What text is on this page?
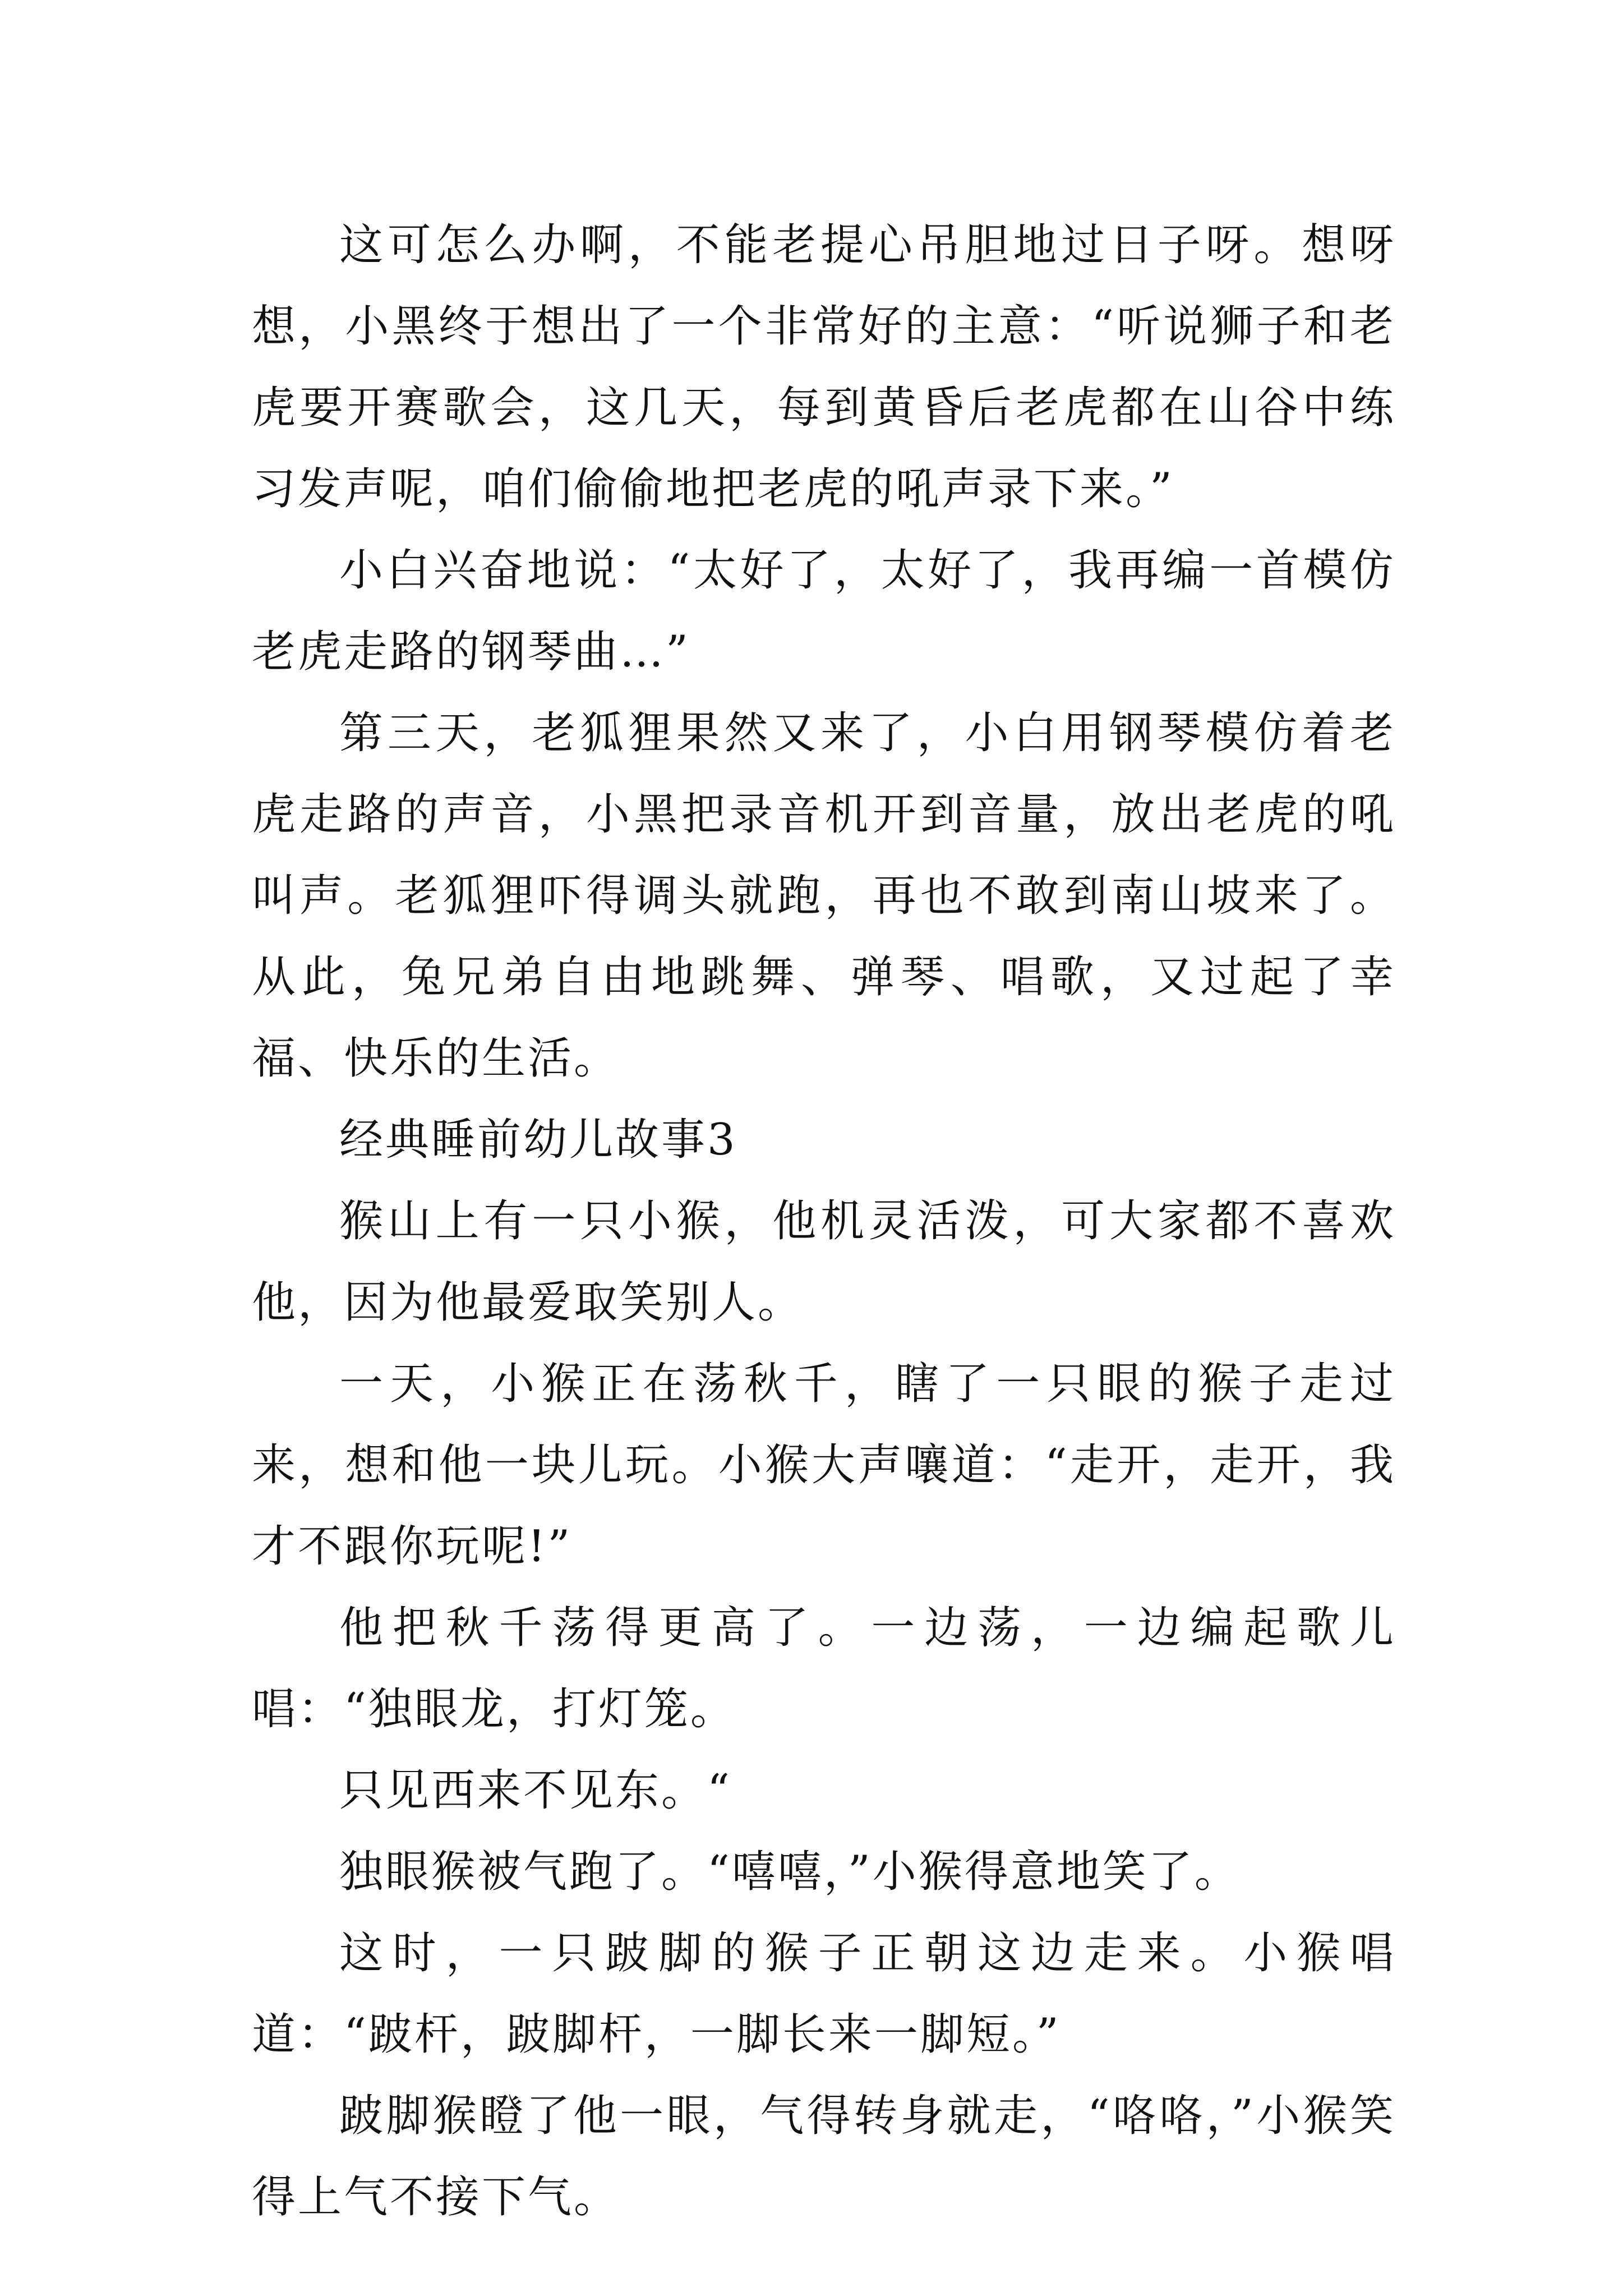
这可怎么办啊，不能老提心吊胆地过日子呀。想呀想，小黑终于想出了一个非常好的主意：“听说狮子和老虎要开赛歌会，这几天，每到黄昏后老虎都在山谷中练习发声呢，咱们偷偷地把老虎的吼声录下来。”

小白兴奋地说：“太好了，太好了，我再编一首模仿老虎走路的钢琴曲…”

第三天，老狐狸果然又来了，小白用钢琴模仿着老虎走路的声音，小黑把录音机开到音量，放出老虎的吼叫声。老狐狸吓得调头就跑，再也不敢到南山坡来了。从此，兔兄弟自由地跳舞、弹琴、唱歌，又过起了幸福、快乐的生活。

经典睡前幼儿故事3

猴山上有一只小猴，他机灵活泼，可大家都不喜欢他，因为他最爱取笑别人。

一天，小猴正在荡秋千，瞎了一只眼的猴子走过来，想和他一块儿玩。小猴大声嚷道：“走开，走开，我才不跟你玩呢!”

他把秋千荡得更高了。一边荡，一边编起歌儿唱：“独眼龙，打灯笼。

只见西来不见东。“

独眼猴被气跑了。“嘻嘻，”小猴得意地笑了。

这时，一只跛脚的猴子正朝这边走来。小猴唱道：“跛杆，跛脚杆，一脚长来一脚短。”

跛脚猴瞪了他一眼，气得转身就走，“咯咯，”小猴笑得上气不接下气。
